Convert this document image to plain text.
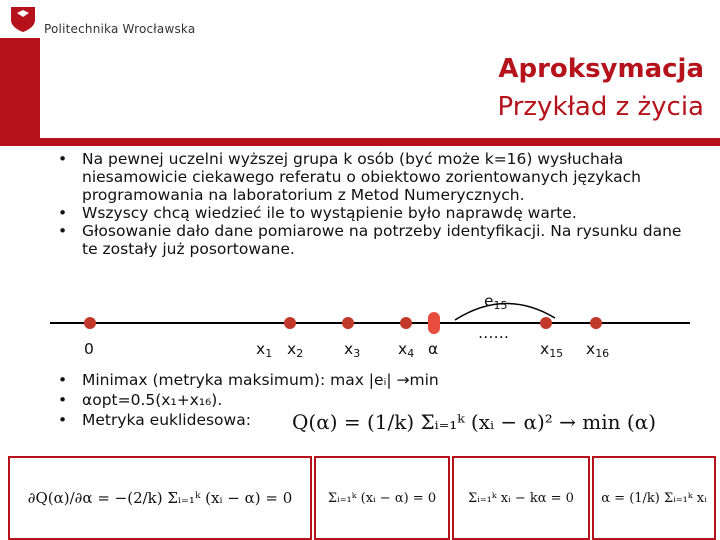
Politechnika Wrocławska
Aproksymacja
Przykład z życia
• Na pewnej uczelni wyższej grupa k osób (być może k=16) wysłuchała niesamowicie ciekawego referatu o obiektowo zorientowanych językach programowania na laboratorium z Metod Numerycznych.
• Wszyscy chcą wiedzieć ile to wystąpienie było naprawdę warte.
• Głosowanie dało dane pomiarowe na potrzeby identyfikacji. Na rysunku dane te zostały już posortowane.
0	$x_1$ $x_2$	$x_3$ $x_4$ α
……
$e_{15}$
$x_{15}$ $x_{16}$
• Minimax (metryka maksimum): max |eᵢ| →min
• αopt=0.5(x₁+x₁₆).
• Metryka euklidesowa:	Q(α) = (1/k) Σᵢ₌₁ᵏ (xᵢ − α)² → min (α)
∂Q(α)/∂α = −(2/k) Σᵢ₌₁ᵏ (xᵢ − α) = 0	Σᵢ₌₁ᵏ (xᵢ − α) = 0	Σᵢ₌₁ᵏ xᵢ − kα = 0	α = (1/k) Σᵢ₌₁ᵏ xᵢ
